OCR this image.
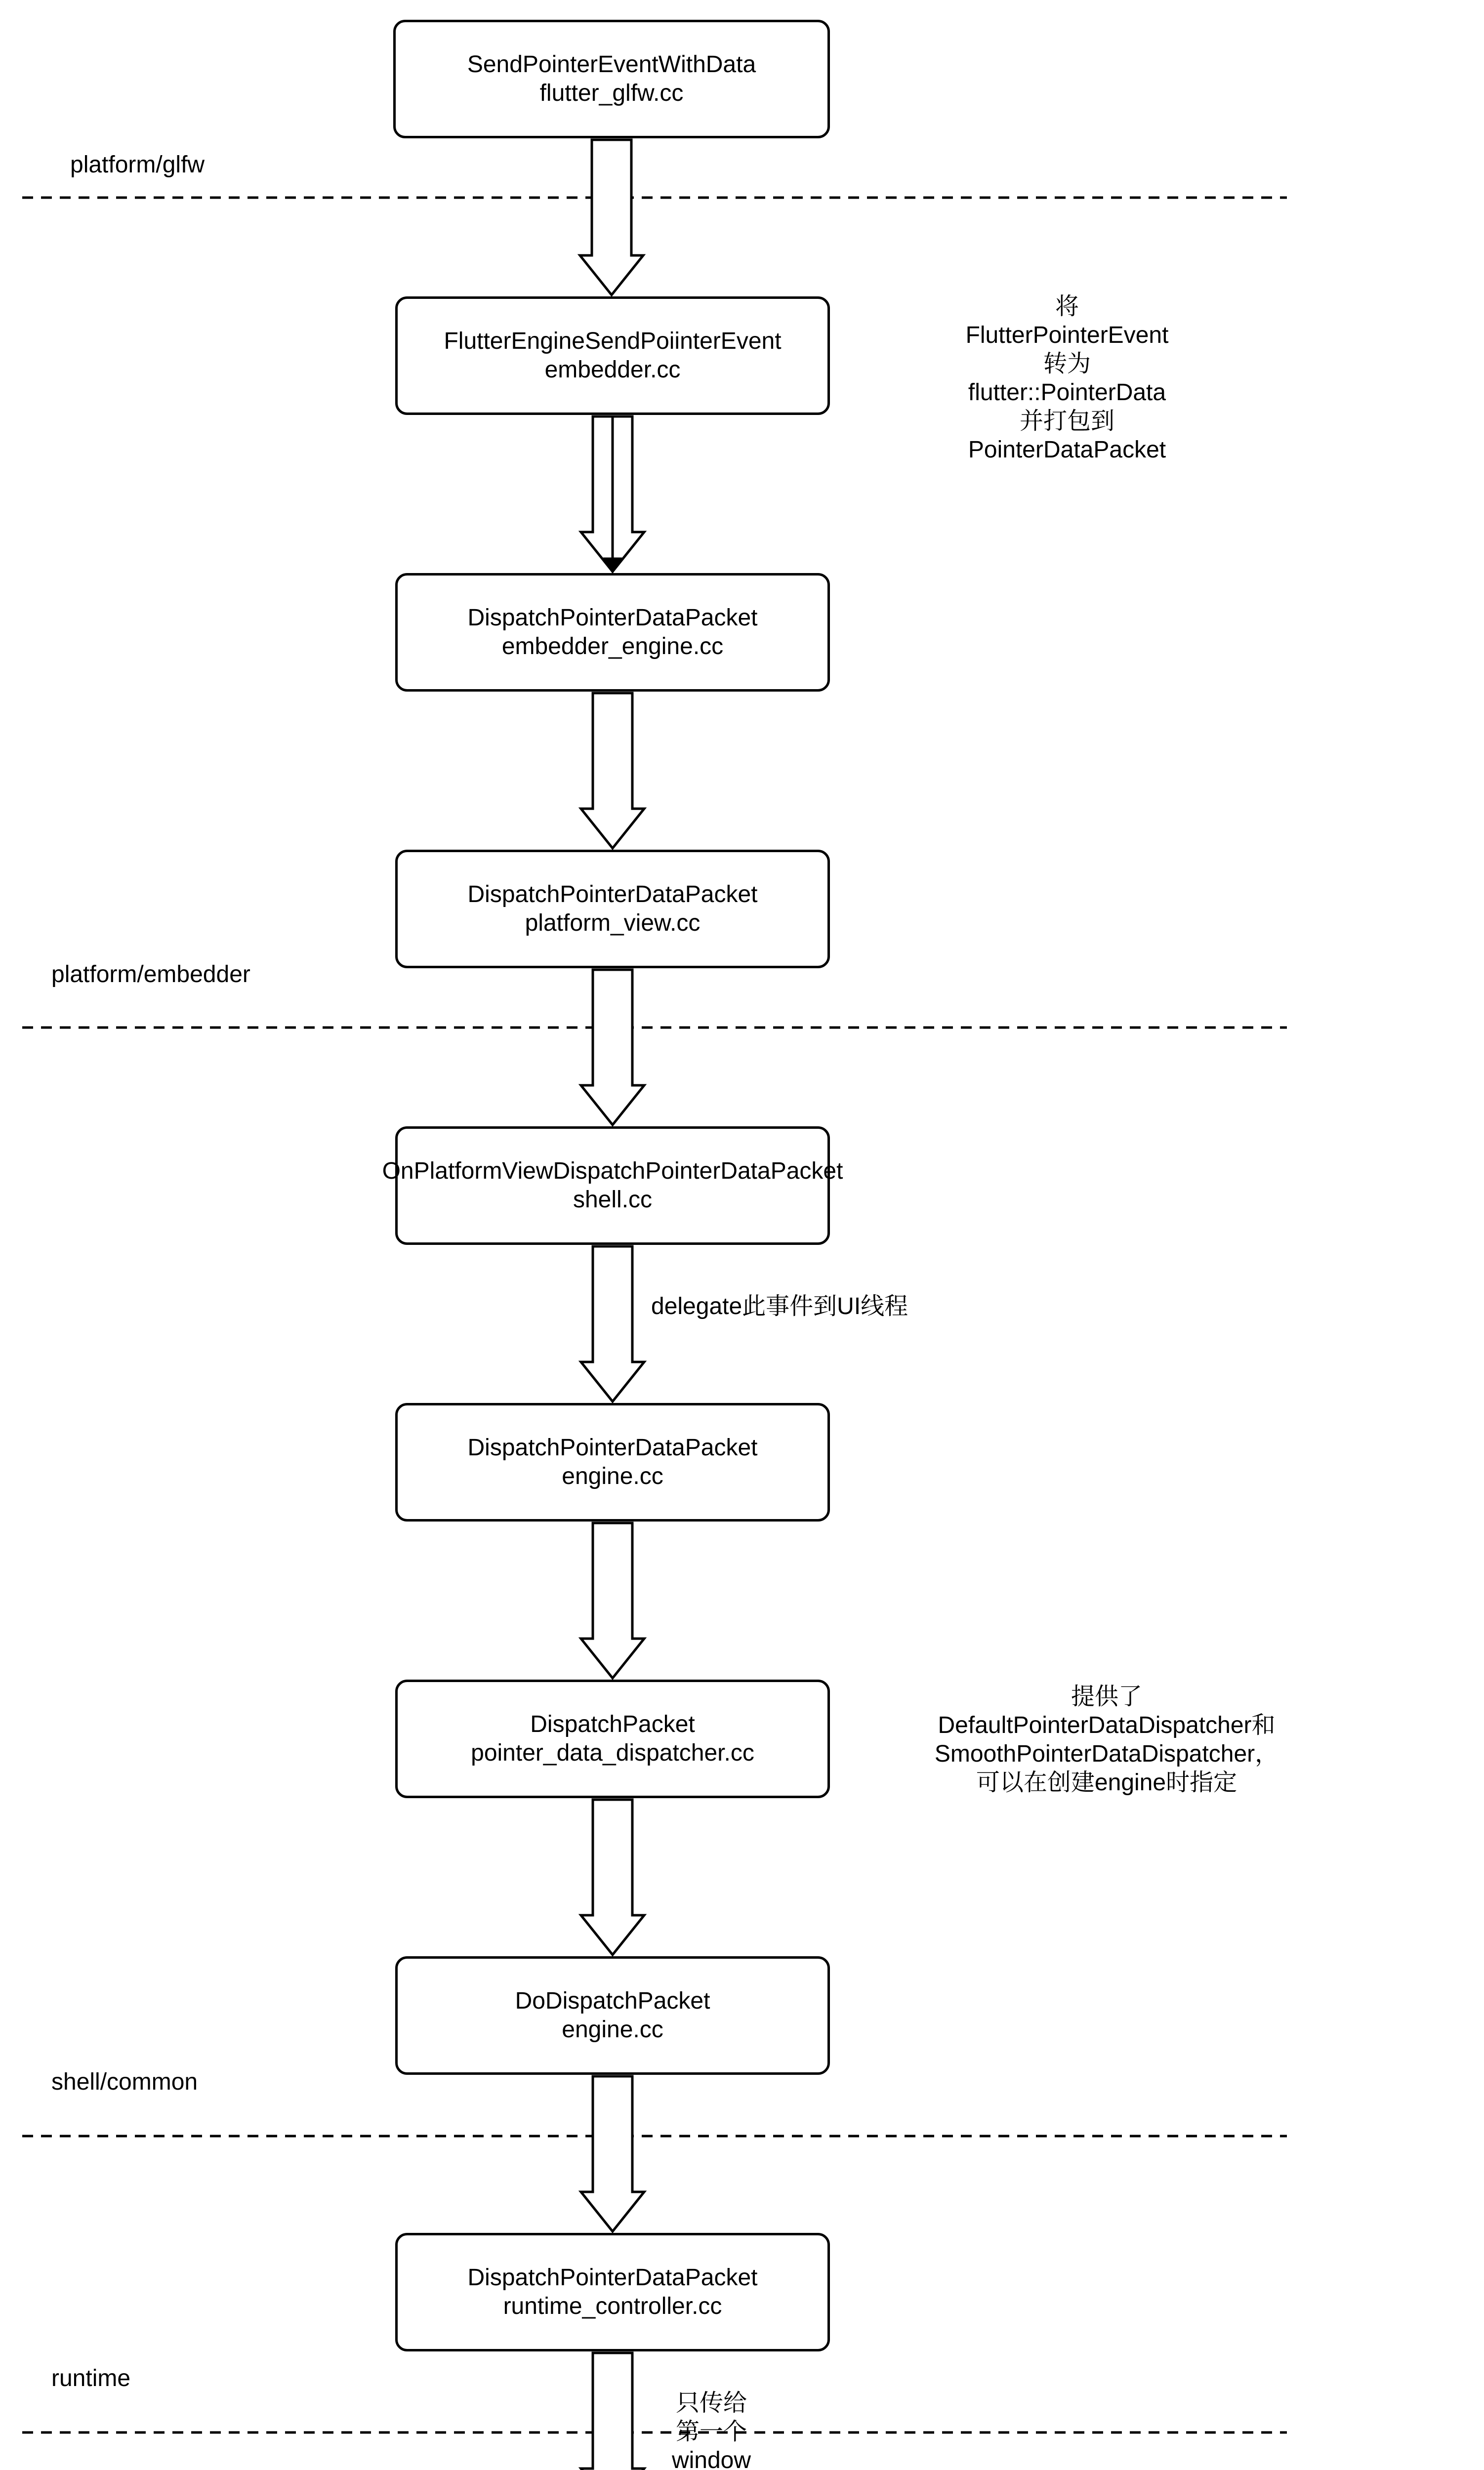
SendPointerEventWithData
flutter_glfw.cc
FlutterEngineSendPoiinterEvent
embedder.cc
DispatchPointerDataPacket
embedder_engine.cc
DispatchPointerDataPacket
platform_view.cc
OnPlatformViewDispatchPointerDataPacket
shell.cc
DispatchPointerDataPacket
engine.cc
DispatchPacket
pointer_data_dispatcher.cc
DoDispatchPacket
engine.cc
DispatchPointerDataPacket
runtime_controller.cc
platform/glfw
platform/embedder
shell/common
runtime
将
FlutterPointerEvent
转为
flutter::PointerData
并打包到
PointerDataPacket
delegate此事件到UI线程
提供了
DefaultPointerDataDispatcher和
SmoothPointerDataDispatcher，
可以在创建engine时指定
只传给
第一个
window
